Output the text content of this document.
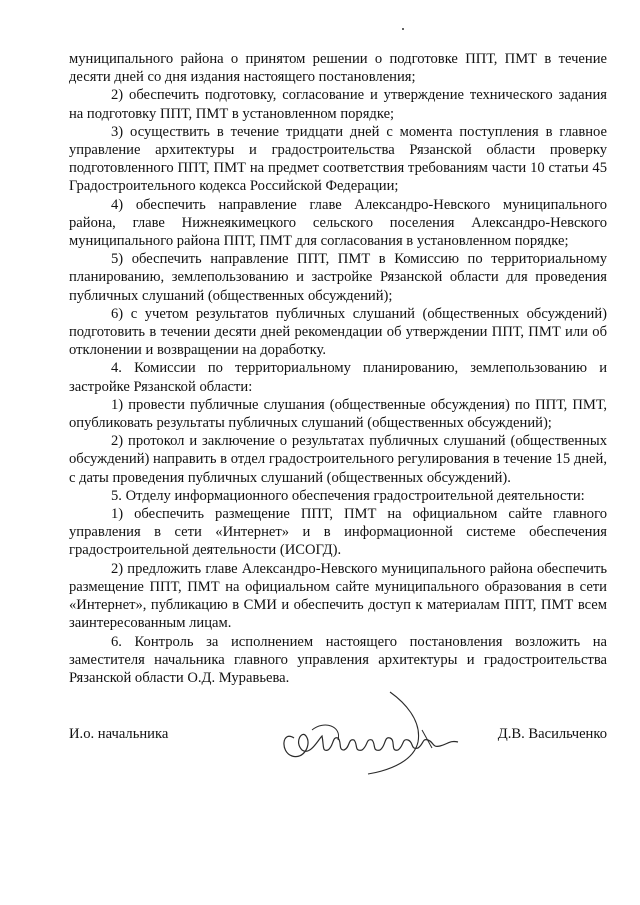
муниципального района о принятом решении о подготовке ППТ, ПМТ в течение десяти дней со дня издания настоящего постановления;

2) обеспечить подготовку, согласование и утверждение технического задания на подготовку ППТ, ПМТ в установленном порядке;

3) осуществить в течение тридцати дней с момента поступления в главное управление архитектуры и градостроительства Рязанской области проверку подготовленного ППТ, ПМТ на предмет соответствия требованиям части 10 статьи 45 Градостроительного кодекса Российской Федерации;

4) обеспечить направление главе Александро-Невского муниципального района, главе Нижнеякимецкого сельского поселения Александро-Невского муниципального района ППТ, ПМТ для согласования в установленном порядке;

5) обеспечить направление ППТ, ПМТ в Комиссию по территориальному планированию, землепользованию и застройке Рязанской области для проведения публичных слушаний (общественных обсуждений);

6) с учетом результатов публичных слушаний (общественных обсуждений) подготовить в течении десяти дней рекомендации об утверждении ППТ, ПМТ или об отклонении и возвращении на доработку.

4. Комиссии по территориальному планированию, землепользованию и застройке Рязанской области:

1) провести публичные слушания (общественные обсуждения) по ППТ, ПМТ, опубликовать результаты публичных слушаний (общественных обсуждений);

2) протокол и заключение о результатах публичных слушаний (общественных обсуждений) направить в отдел градостроительного регулирования в течение 15 дней, с даты проведения публичных слушаний (общественных обсуждений).

5. Отделу информационного обеспечения градостроительной деятельности:

1) обеспечить размещение ППТ, ПМТ на официальном сайте главного управления в сети «Интернет» и в информационной системе обеспечения градостроительной деятельности (ИСОГД).

2) предложить главе Александро-Невского муниципального района обеспечить размещение ППТ, ПМТ на официальном сайте муниципального образования в сети «Интернет», публикацию в СМИ и обеспечить доступ к материалам ППТ, ПМТ всем заинтересованным лицам.

6. Контроль за исполнением настоящего постановления возложить на заместителя начальника главного управления архитектуры и градостроительства Рязанской области О.Д. Муравьева.

И.о. начальника	Д.В. Васильченко
